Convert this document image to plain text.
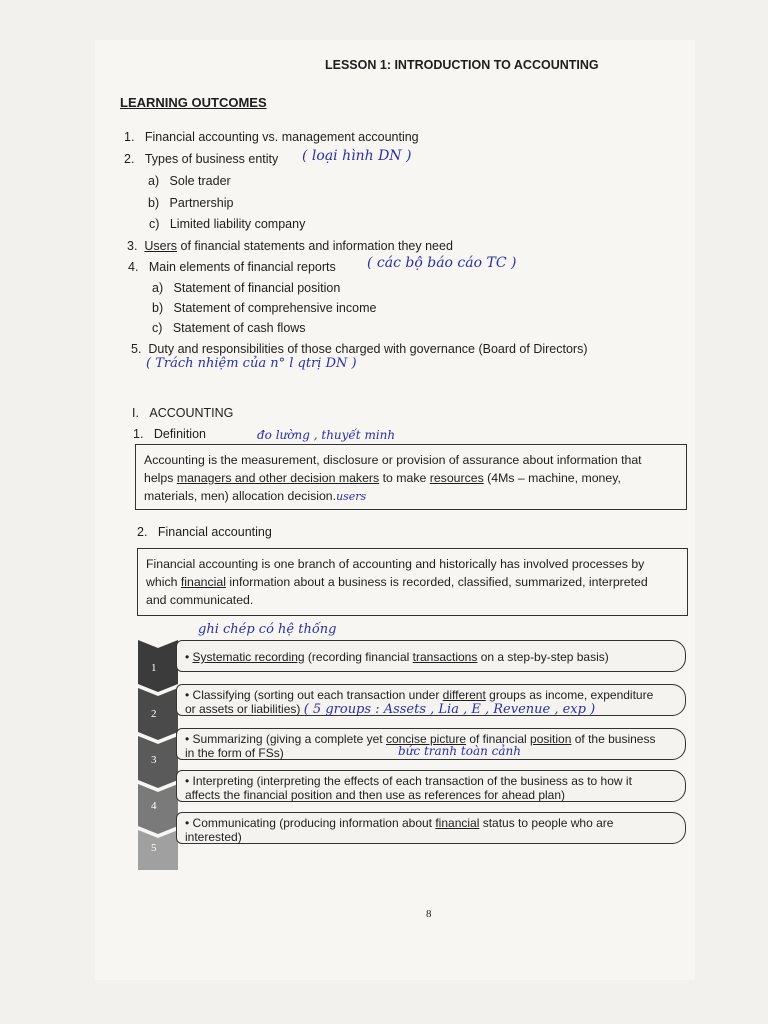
LESSON 1: INTRODUCTION TO ACCOUNTING
LEARNING OUTCOMES
1. Financial accounting vs. management accounting
2. Types of business entity ( loại hình DN )
a) Sole trader
b) Partnership
c) Limited liability company
3. Users of financial statements and information they need
4. Main elements of financial reports ( các bộ báo cáo TC )
a) Statement of financial position
b) Statement of comprehensive income
c) Statement of cash flows
5. Duty and responsibilities of those charged with governance (Board of Directors)
( Trách nhiệm của n° l qtrị DN )
I. ACCOUNTING
1. Definition	đo lường , thuyết minh
Accounting is the measurement, disclosure or provision of assurance about information that
helps managers and other decision makers to make resources (4Ms – machine, money,
materials, men) allocation decision.users
2. Financial accounting
Financial accounting is one branch of accounting and historically has involved processes by
which financial information about a business is recorded, classified, summarized, interpreted
and communicated.
ghi chép có hệ thống
1
2
3
4
5
• Systematic recording (recording financial transactions on a step-by-step basis)
• Classifying (sorting out each transaction under different groups as income, expenditure
or assets or liabilities) ( 5 groups : Assets , Lia , E , Revenue , exp )
• Summarizing (giving a complete yet concise picture of financial position of the business
in the form of FSs)	bức tranh toàn cảnh
• Interpreting (interpreting the effects of each transaction of the business as to how it
affects the financial position and then use as references for ahead plan)
• Communicating (producing information about financial status to people who are
interested)
8
